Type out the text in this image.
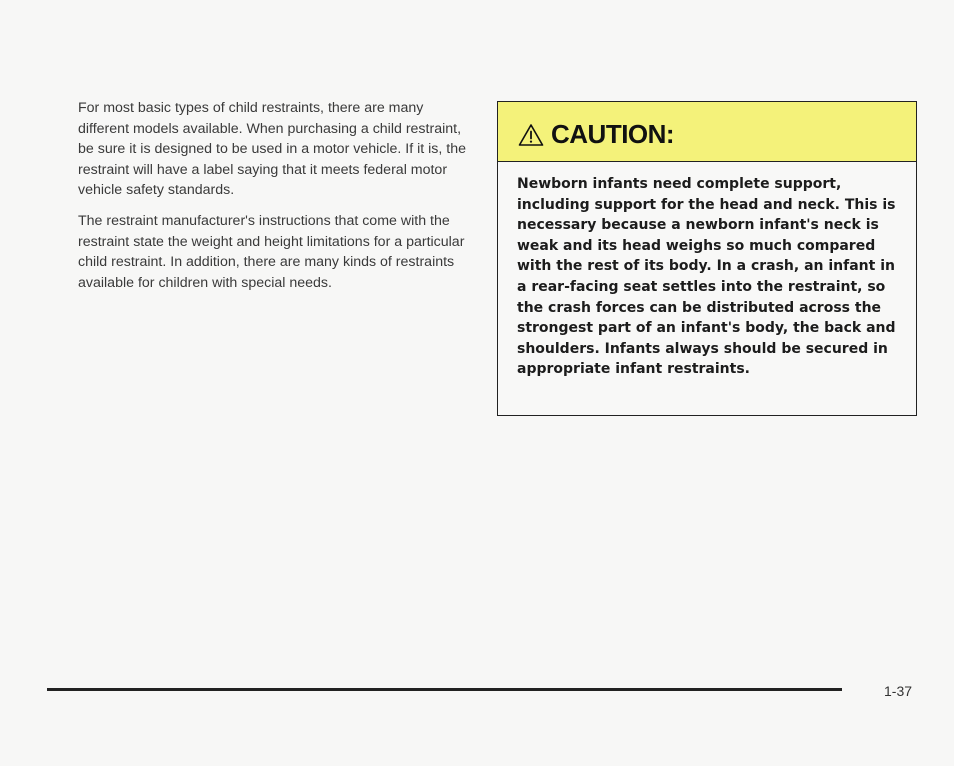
For most basic types of child restraints, there are many different models available. When purchasing a child restraint, be sure it is designed to be used in a motor vehicle. If it is, the restraint will have a label saying that it meets federal motor vehicle safety standards.

The restraint manufacturer's instructions that come with the restraint state the weight and height limitations for a particular child restraint. In addition, there are many kinds of restraints available for children with special needs.

CAUTION:

Newborn infants need complete support, including support for the head and neck. This is necessary because a newborn infant's neck is weak and its head weighs so much compared with the rest of its body. In a crash, an infant in a rear-facing seat settles into the restraint, so the crash forces can be distributed across the strongest part of an infant's body, the back and shoulders. Infants always should be secured in appropriate infant restraints.

1-37
